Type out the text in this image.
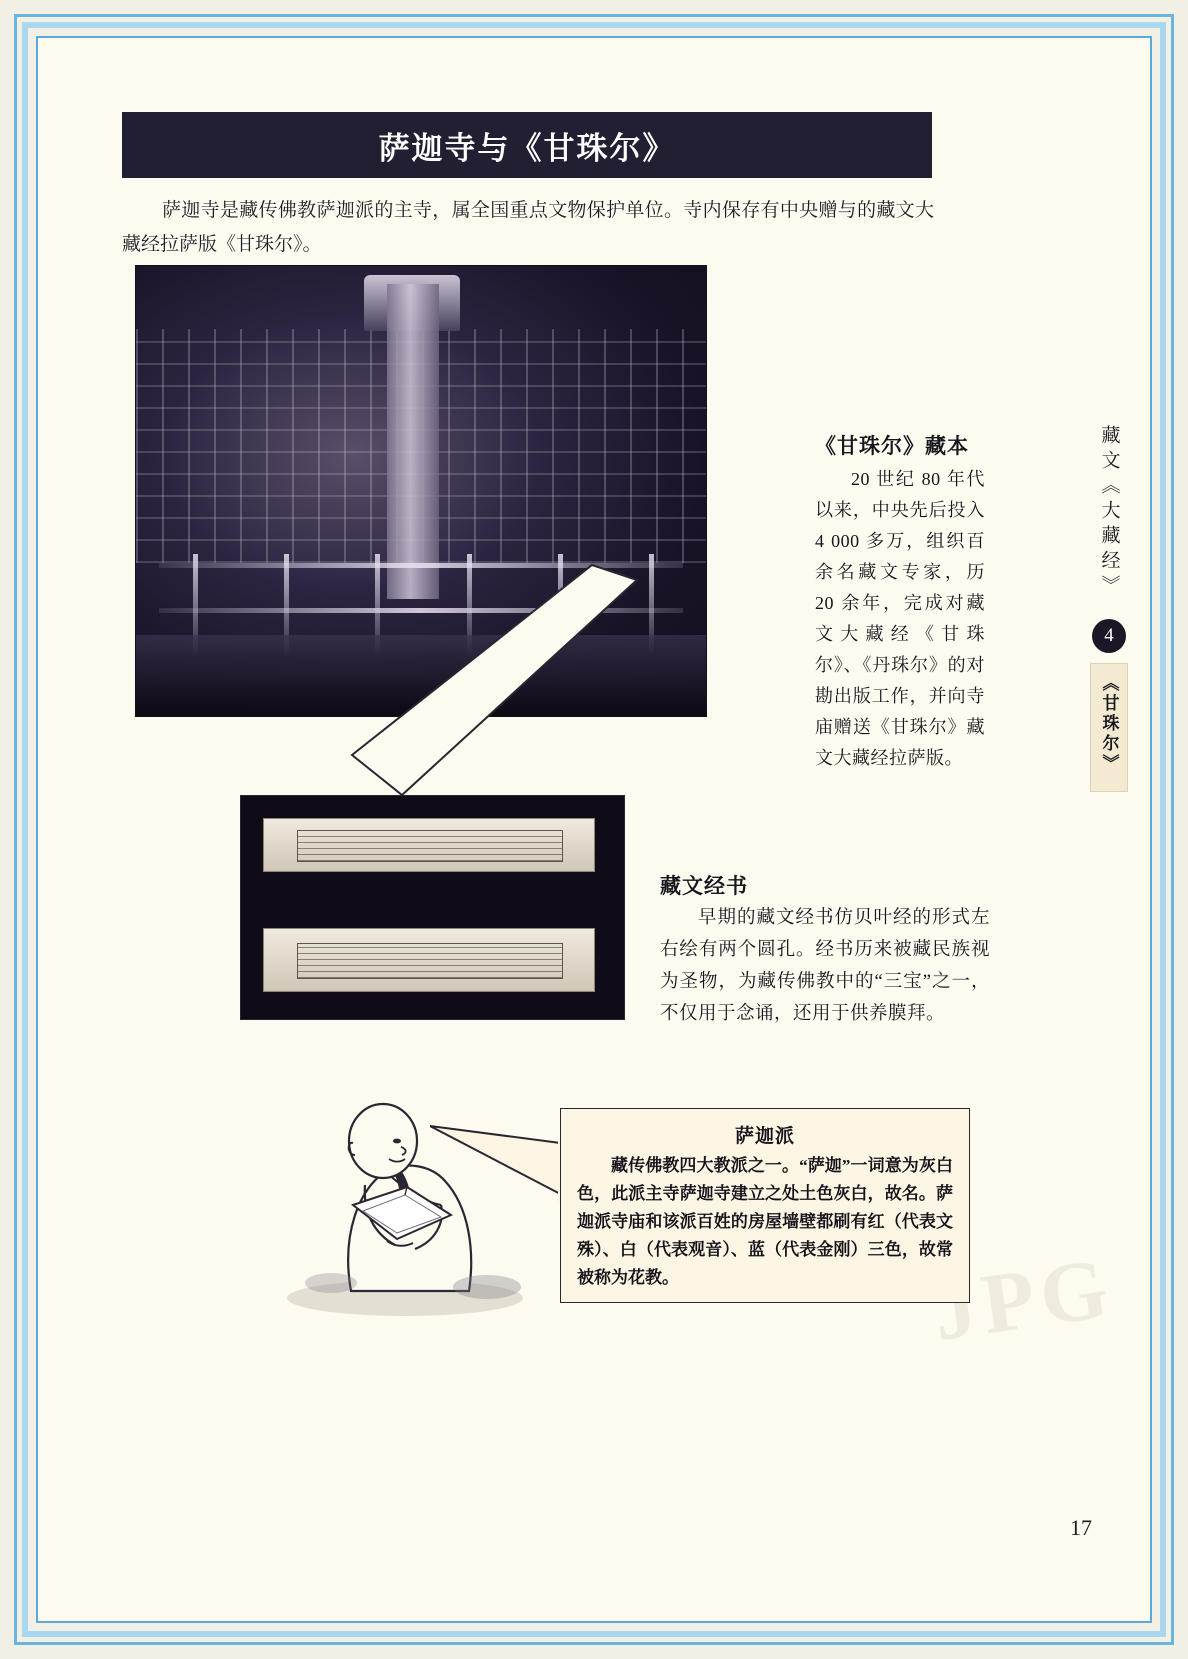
萨迦寺与《甘珠尔》
萨迦寺是藏传佛教萨迦派的主寺，属全国重点文物保护单位。寺内保存有中央赠与的藏文大藏经拉萨版《甘珠尔》。
《甘珠尔》藏本

20 世纪 80 年代以来，中央先后投入 4 000 多万，组织百余名藏文专家，历 20 余年，完成对藏文大藏经《甘珠尔》、《丹珠尔》的对勘出版工作，并向寺庙赠送《甘珠尔》藏文大藏经拉萨版。

藏文经书

早期的藏文经书仿贝叶经的形式左右绘有两个圆孔。经书历来被藏民族视为圣物，为藏传佛教中的“三宝”之一，不仅用于念诵，还用于供养膜拜。

藏文《大藏经》
4
《甘珠尔》
萨迦派

藏传佛教四大教派之一。“萨迦”一词意为灰白色，此派主寺萨迦寺建立之处土色灰白，故名。萨迦派寺庙和该派百姓的房屋墙壁都刷有红（代表文殊）、白（代表观音）、蓝（代表金刚）三色，故常被称为花教。

17
